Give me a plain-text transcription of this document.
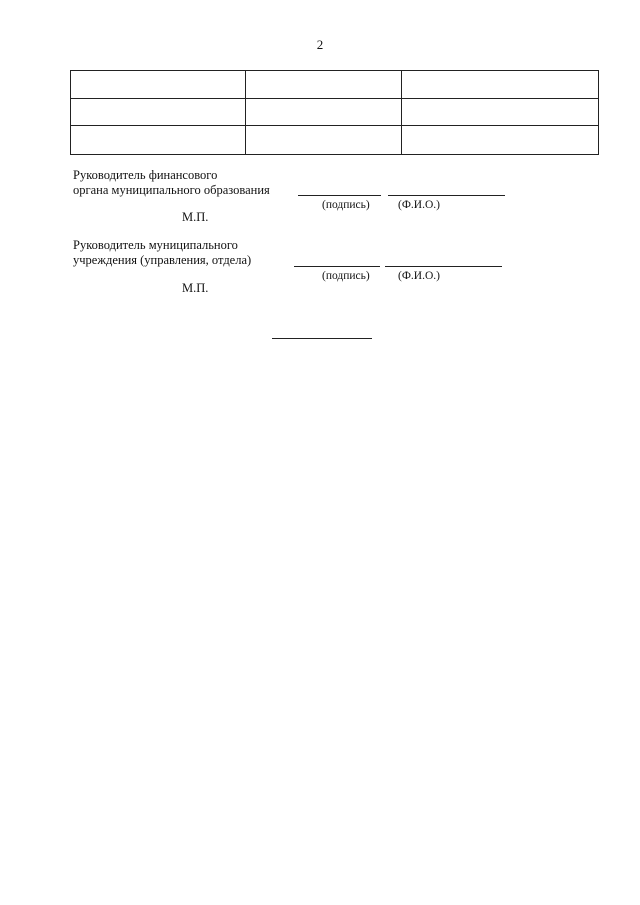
2

Руководитель финансового
органа муниципального образования
(подпись) (Ф.И.О.)
М.П.
Руководитель муниципального
учреждения (управления, отдела)
(подпись) (Ф.И.О.)
М.П.
